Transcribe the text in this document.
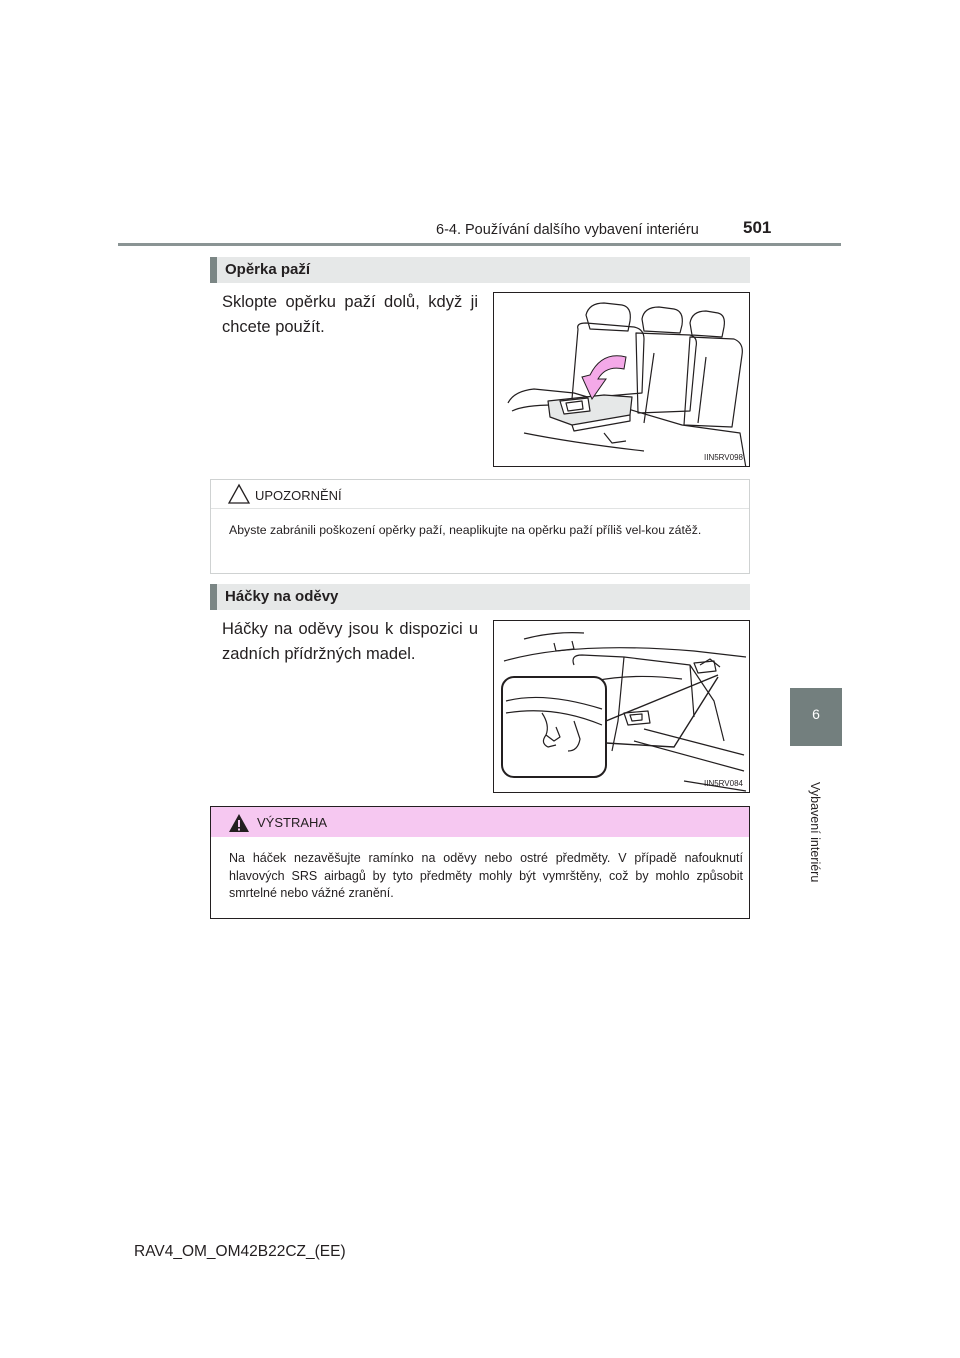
6-4. Používání dalšího vybavení interiéru	501
6
Vybavení interiéru
Opěrka paží
Sklopte opěrku paží dolů, když ji chcete použít.
IIN5RV098
UPOZORNĚNÍ
Abyste zabránili poškození opěrky paží, neaplikujte na opěrku paží příliš vel-kou zátěž.
Háčky na oděvy
Háčky na oděvy jsou k dispozici u zadních přídržných madel.
IIN5RV084
VÝSTRAHA
Na háček nezavěšujte ramínko na oděvy nebo ostré předměty. V případě nafouknutí hlavových SRS airbagů by tyto předměty mohly být vymrštěny, což by mohlo způsobit smrtelné nebo vážné zranění.
RAV4_OM_OM42B22CZ_(EE)
